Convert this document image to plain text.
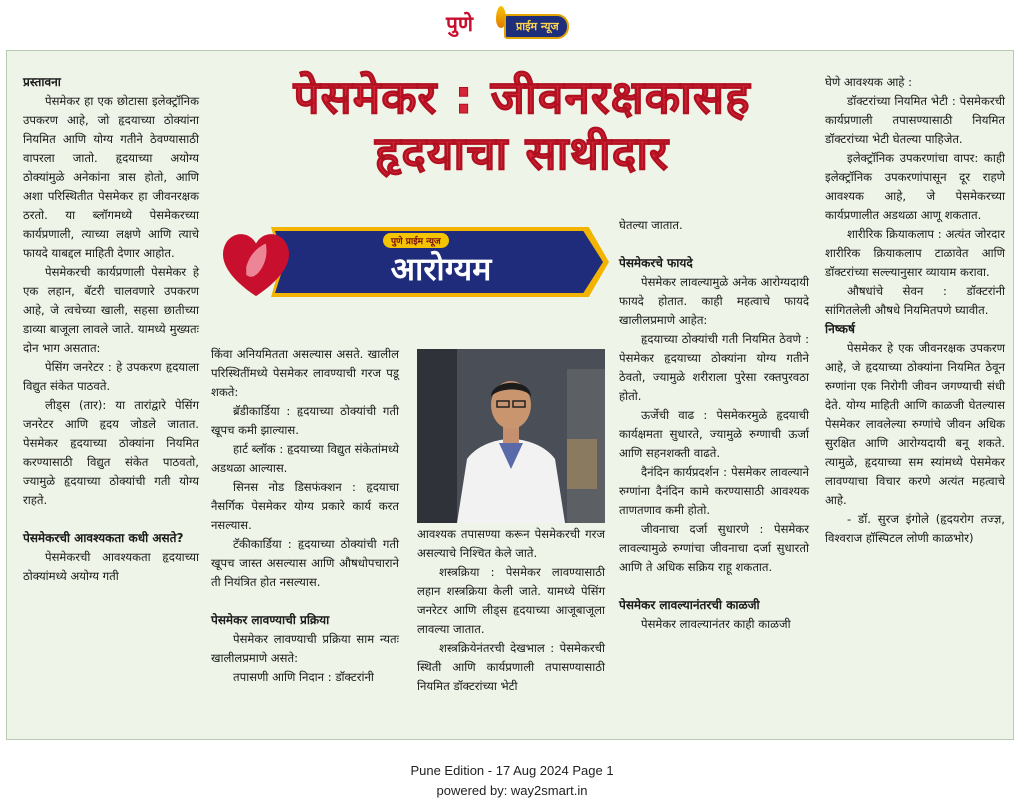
पुणे	प्राईम न्यूज
प्रस्तावना

पेसमेकर हा एक छोटासा इलेक्ट्रॉनिक उपकरण आहे, जो हृदयाच्या ठोक्यांना नियमित आणि योग्य गतीने ठेवण्यासाठी वापरला जातो. हृदयाच्या अयोग्य ठोक्यांमुळे अनेकांना त्रास होतो, आणि अशा परिस्थितीत पेसमेकर हा जीवनरक्षक ठरतो. या ब्लॉगमध्ये पेसमेकरच्या कार्यप्रणाली, त्याच्या लक्षणे आणि त्याचे फायदे याबद्दल माहिती देणार आहोत.

पेसमेकरची कार्यप्रणाली पेसमेकर हे एक लहान, बॅटरी चालवणारे उपकरण आहे, जे त्वचेच्या खाली, सहसा छातीच्या डाव्या बाजूला लावले जाते. यामध्ये मुख्यतः दोन भाग असतात:

पेसिंग जनरेटर : हे उपकरण हृदयाला विद्युत संकेत पाठवते.

लीड्स (तार): या तारांद्वारे पेसिंग जनरेटर आणि हृदय जोडले जातात. पेसमेकर हृदयाच्या ठोक्यांना नियमित करण्यासाठी विद्युत संकेत पाठवतो, ज्यामुळे हृदयाच्या ठोक्यांची गती योग्य राहते.

पेसमेकरची आवश्यकता कधी असते?

पेसमेकरची आवश्यकता हृदयाच्या ठोक्यांमध्ये अयोग्य गती

पेसमेकर : जीवनरक्षकासह
हृदयाचा साथीदार
पुणे प्राईम न्यूज
आरोग्यम

किंवा अनियमितता असल्यास असते. खालील परिस्थितींमध्ये पेसमेकर लावण्याची गरज पडू शकते:

ब्रॅडीकार्डिया : हृदयाच्या ठोक्यांची गती खूपच कमी झाल्यास.

हार्ट ब्लॉक : हृदयाच्या विद्युत संकेतांमध्ये अडथळा आल्यास.

सिनस नोड डिसफंक्शन : हृदयाचा नैसर्गिक पेसमेकर योग्य प्रकारे कार्य करत नसल्यास.

टॅकीकार्डिया : हृदयाच्या ठोक्यांची गती खूपच जास्त असल्यास आणि औषधोपचाराने ती नियंत्रित होत नसल्यास.

पेसमेकर लावण्याची प्रक्रिया

पेसमेकर लावण्याची प्रक्रिया साम न्यतः खालीलप्रमाणे असते:

तपासणी आणि निदान : डॉक्टरांनी

आवश्यक तपासण्या करून पेसमेकरची गरज असल्याचे निश्चित केले जाते.

शस्त्रक्रिया : पेसमेकर लावण्यासाठी लहान शस्त्रक्रिया केली जाते. यामध्ये पेसिंग जनरेटर आणि लीड्स हृदयाच्या आजूबाजूला लावल्या जातात.

शस्त्रक्रियेनंतरची देखभाल : पेसमेकरची स्थिती आणि कार्यप्रणाली तपासण्यासाठी नियमित डॉक्टरांच्या भेटी

घेतल्या जातात.

पेसमेकरचे फायदे

पेसमेकर लावल्यामुळे अनेक आरोग्यदायी फायदे होतात. काही महत्वाचे फायदे खालीलप्रमाणे आहेत:

हृदयाच्या ठोक्यांची गती नियमित ठेवणे : पेसमेकर हृदयाच्या ठोक्यांना योग्य गतीने ठेवतो, ज्यामुळे शरीराला पुरेसा रक्तपुरवठा होतो.

ऊर्जेची वाढ : पेसमेकरमुळे हृदयाची कार्यक्षमता सुधारते, ज्यामुळे रुग्णाची ऊर्जा आणि सहनशक्ती वाढते.

दैनंदिन कार्यप्रदर्शन : पेसमेकर लावल्याने रुग्णांना दैनंदिन कामे करण्यासाठी आवश्यक ताणतणाव कमी होतो.

जीवनाचा दर्जा सुधारणे : पेसमेकर लावल्यामुळे रुग्णांचा जीवनाचा दर्जा सुधारतो आणि ते अधिक सक्रिय राहू शकतात.

पेसमेकर लावल्यानंतरची काळजी

पेसमेकर लावल्यानंतर काही काळजी

घेणे आवश्यक आहे :

डॉक्टरांच्या नियमित भेटी : पेसमेकरची कार्यप्रणाली तपासण्यासाठी नियमित डॉक्टरांच्या भेटी घेतल्या पाहिजेत.

इलेक्ट्रॉनिक उपकरणांचा वापर: काही इलेक्ट्रॉनिक उपकरणांपासून दूर राहणे आवश्यक आहे, जे पेसमेकरच्या कार्यप्रणालीत अडथळा आणू शकतात.

शारीरिक क्रियाकलाप : अत्यंत जोरदार शारीरिक क्रियाकलाप टाळावेत आणि डॉक्टरांच्या सल्ल्यानुसार व्यायाम करावा.

औषधांचे सेवन : डॉक्टरांनी सांगितलेली औषधे नियमितपणे घ्यावीत.

निष्कर्ष

पेसमेकर हे एक जीवनरक्षक उपकरण आहे, जे हृदयाच्या ठोक्यांना नियमित ठेवून रुग्णांना एक निरोगी जीवन जगण्याची संधी देते. योग्य माहिती आणि काळजी घेतल्यास पेसमेकर लावलेल्या रुग्णांचे जीवन अधिक सुरक्षित आणि आरोग्यदायी बनू शकते. त्यामुळे, हृदयाच्या सम स्यांमध्ये पेसमेकर लावण्याचा विचार करणे अत्यंत महत्वाचे आहे.

- डॉ. सुरज इंगोले (हृदयरोग तज्ज्ञ, विश्वराज हॉस्पिटल लोणी काळभोर)

Pune Edition - 17 Aug 2024 Page 1
powered by: way2smart.in
